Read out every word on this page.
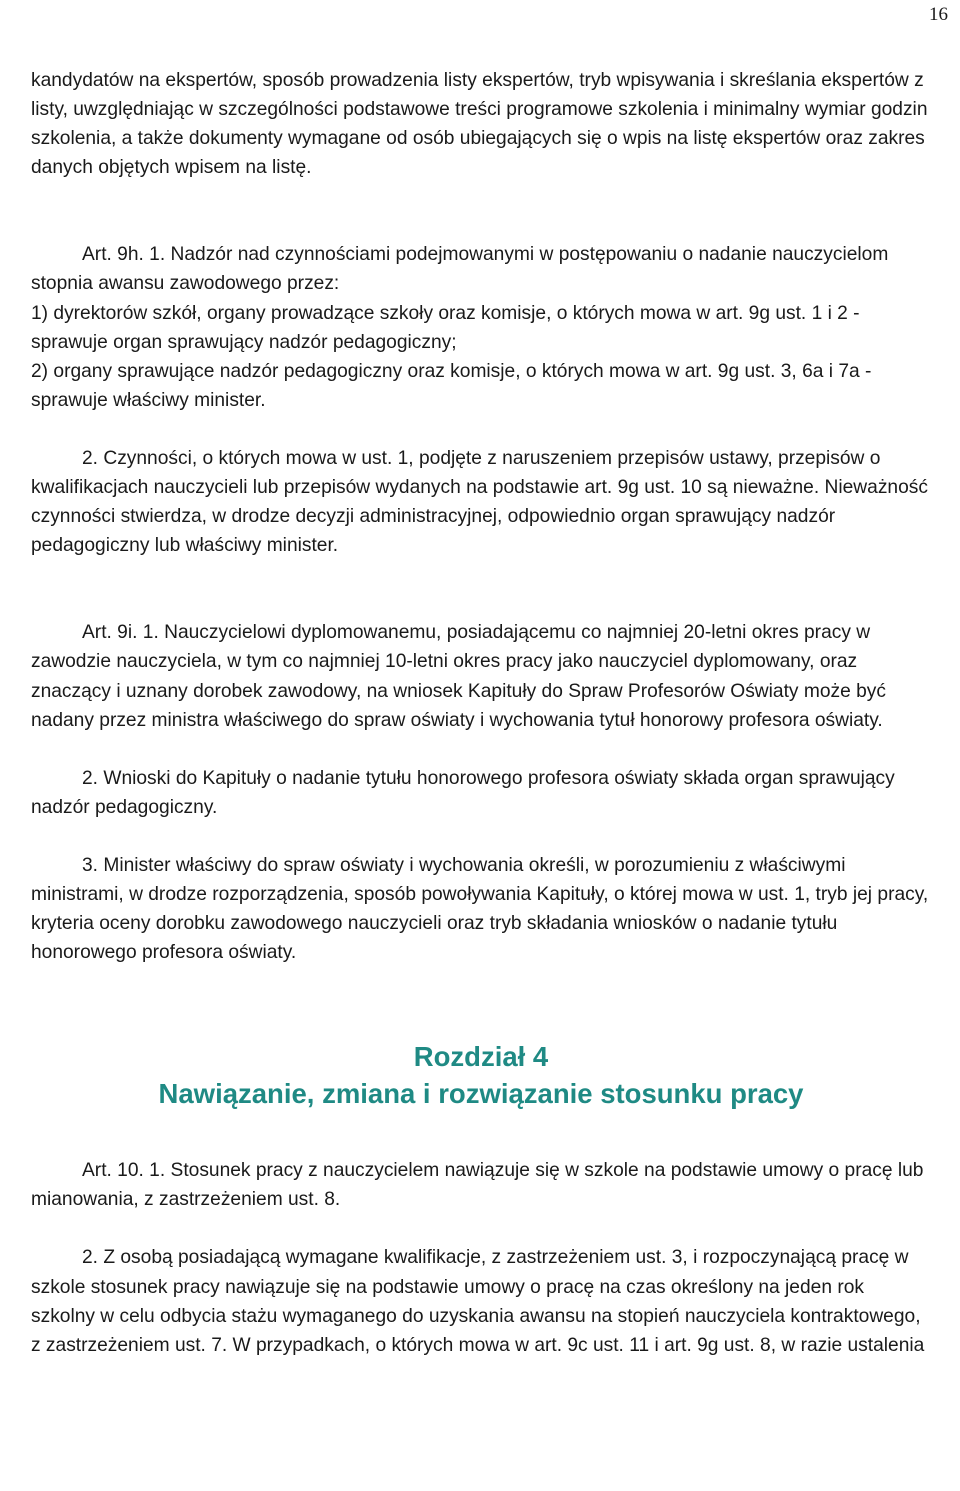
16

kandydatów na ekspertów, sposób prowadzenia listy ekspertów, tryb wpisywania i skreślania ekspertów z listy, uwzględniając w szczególności podstawowe treści programowe szkolenia i minimalny wymiar godzin szkolenia, a także dokumenty wymagane od osób ubiegających się o wpis na listę ekspertów oraz zakres danych objętych wpisem na listę.

Art. 9h. 1. Nadzór nad czynnościami podejmowanymi w postępowaniu o nadanie nauczycielom stopnia awansu zawodowego przez:

1) dyrektorów szkół, organy prowadzące szkoły oraz komisje, o których mowa w art. 9g ust. 1 i 2 - sprawuje organ sprawujący nadzór pedagogiczny;

2) organy sprawujące nadzór pedagogiczny oraz komisje, o których mowa w art. 9g ust. 3, 6a i 7a - sprawuje właściwy minister.

2. Czynności, o których mowa w ust. 1, podjęte z naruszeniem przepisów ustawy, przepisów o kwalifikacjach nauczycieli lub przepisów wydanych na podstawie art. 9g ust. 10 są nieważne. Nieważność czynności stwierdza, w drodze decyzji administracyjnej, odpowiednio organ sprawujący nadzór pedagogiczny lub właściwy minister.

Art. 9i. 1. Nauczycielowi dyplomowanemu, posiadającemu co najmniej 20-letni okres pracy w zawodzie nauczyciela, w tym co najmniej 10-letni okres pracy jako nauczyciel dyplomowany, oraz znaczący i uznany dorobek zawodowy, na wniosek Kapituły do Spraw Profesorów Oświaty może być nadany przez ministra właściwego do spraw oświaty i wychowania tytuł honorowy profesora oświaty.

2. Wnioski do Kapituły o nadanie tytułu honorowego profesora oświaty składa organ sprawujący nadzór pedagogiczny.

3. Minister właściwy do spraw oświaty i wychowania określi, w porozumieniu z właściwymi ministrami, w drodze rozporządzenia, sposób powoływania Kapituły, o której mowa w ust. 1, tryb jej pracy, kryteria oceny dorobku zawodowego nauczycieli oraz tryb składania wniosków o nadanie tytułu honorowego profesora oświaty.

Rozdział 4
Nawiązanie, zmiana i rozwiązanie stosunku pracy

Art. 10. 1. Stosunek pracy z nauczycielem nawiązuje się w szkole na podstawie umowy o pracę lub mianowania, z zastrzeżeniem ust. 8.

2. Z osobą posiadającą wymagane kwalifikacje, z zastrzeżeniem ust. 3, i rozpoczynającą pracę w szkole stosunek pracy nawiązuje się na podstawie umowy o pracę na czas określony na jeden rok szkolny w celu odbycia stażu wymaganego do uzyskania awansu na stopień nauczyciela kontraktowego, z zastrzeżeniem ust. 7. W przypadkach, o których mowa w art. 9c ust. 11 i art. 9g ust. 8, w razie ustalenia
